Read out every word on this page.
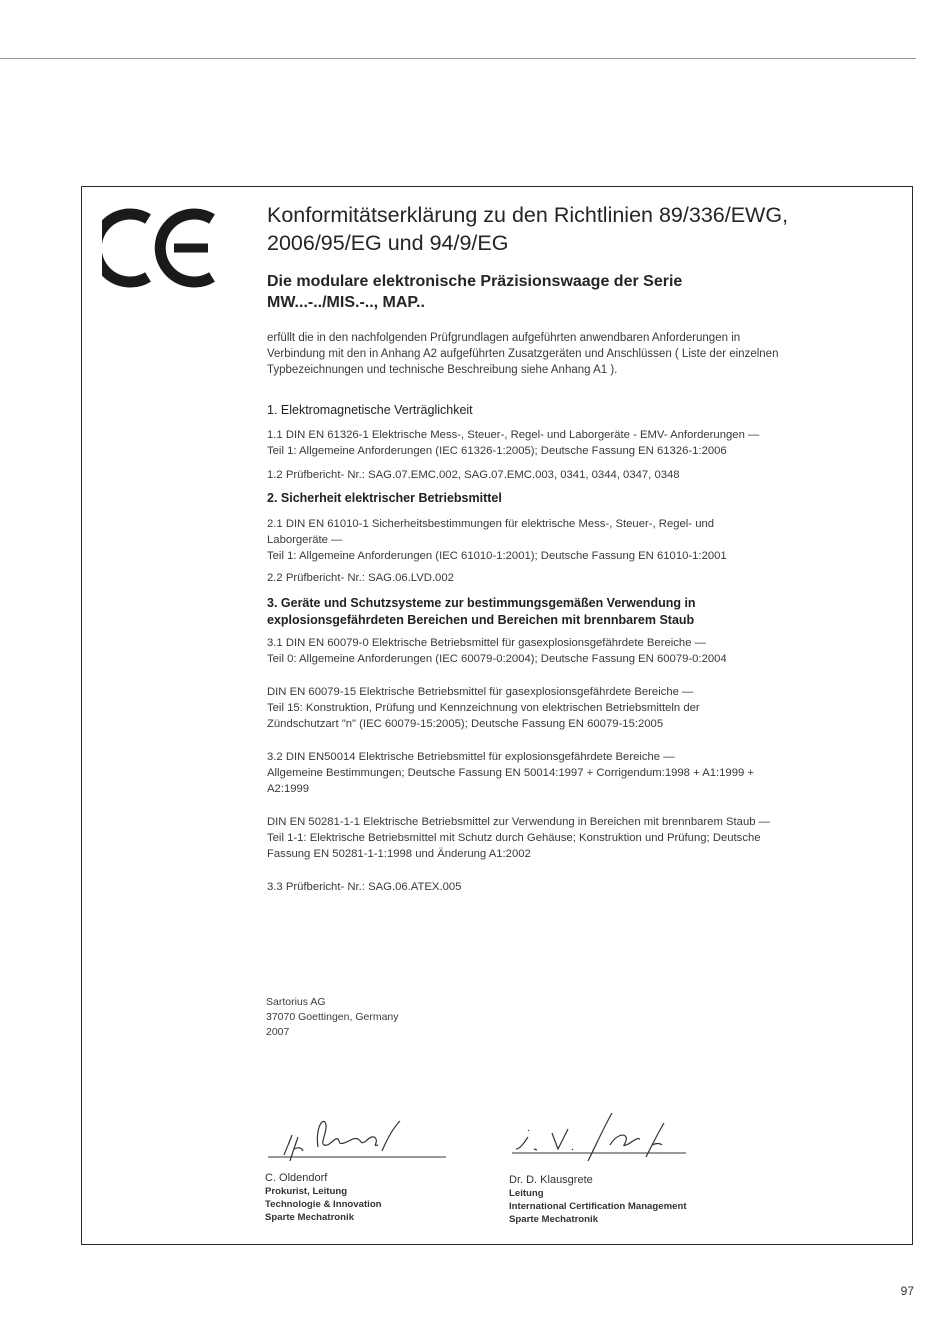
Konformitätserklärung zu den Richtlinien 89/336/EWG,
2006/95/EG und 94/9/EG
Die modulare elektronische Präzisionswaage der Serie
MW...-../MIS.-.., MAP..
erfüllt die in den nachfolgenden Prüfgrundlagen aufgeführten anwendbaren Anforderungen in
Verbindung mit den in Anhang A2 aufgeführten Zusatzgeräten und Anschlüssen ( Liste der einzelnen
Typbezeichnungen und technische Beschreibung siehe Anhang A1 ).
1. Elektromagnetische Verträglichkeit
1.1 DIN EN 61326-1 Elektrische Mess-, Steuer-, Regel- und Laborgeräte - EMV- Anforderungen —
Teil 1: Allgemeine Anforderungen (IEC 61326-1:2005); Deutsche Fassung EN 61326-1:2006
1.2 Prüfbericht- Nr.: SAG.07.EMC.002, SAG.07.EMC.003, 0341, 0344, 0347, 0348
2. Sicherheit elektrischer Betriebsmittel
2.1 DIN EN 61010-1 Sicherheitsbestimmungen für elektrische Mess-, Steuer-, Regel- und
Laborgeräte —
Teil 1: Allgemeine Anforderungen (IEC 61010-1:2001); Deutsche Fassung EN 61010-1:2001
2.2 Prüfbericht- Nr.: SAG.06.LVD.002
3. Geräte und Schutzsysteme zur bestimmungsgemäßen Verwendung in
explosionsgefährdeten Bereichen und Bereichen mit brennbarem Staub
3.1 DIN EN 60079-0 Elektrische Betriebsmittel für gasexplosionsgefährdete Bereiche —
Teil 0: Allgemeine Anforderungen (IEC 60079-0:2004); Deutsche Fassung EN 60079-0:2004
DIN EN 60079-15 Elektrische Betriebsmittel für gasexplosionsgefährdete Bereiche —
Teil 15: Konstruktion, Prüfung und Kennzeichnung von elektrischen Betriebsmitteln der
Zündschutzart "n" (IEC 60079-15:2005); Deutsche Fassung EN 60079-15:2005
3.2 DIN EN50014 Elektrische Betriebsmittel für explosionsgefährdete Bereiche —
Allgemeine Bestimmungen; Deutsche Fassung EN 50014:1997 + Corrigendum:1998 + A1:1999 +
A2:1999
DIN EN 50281-1-1 Elektrische Betriebsmittel zur Verwendung in Bereichen mit brennbarem Staub —
Teil 1-1: Elektrische Betriebsmittel mit Schutz durch Gehäuse; Konstruktion und Prüfung; Deutsche
Fassung EN 50281-1-1:1998 und Änderung A1:2002
3.3 Prüfbericht- Nr.: SAG.06.ATEX.005
Sartorius AG
37070 Goettingen, Germany
2007
C. Oldendorf
Prokurist, Leitung
Technologie & Innovation
Sparte Mechatronik
Dr. D. Klausgrete
Leitung
International Certification Management
Sparte Mechatronik
97
